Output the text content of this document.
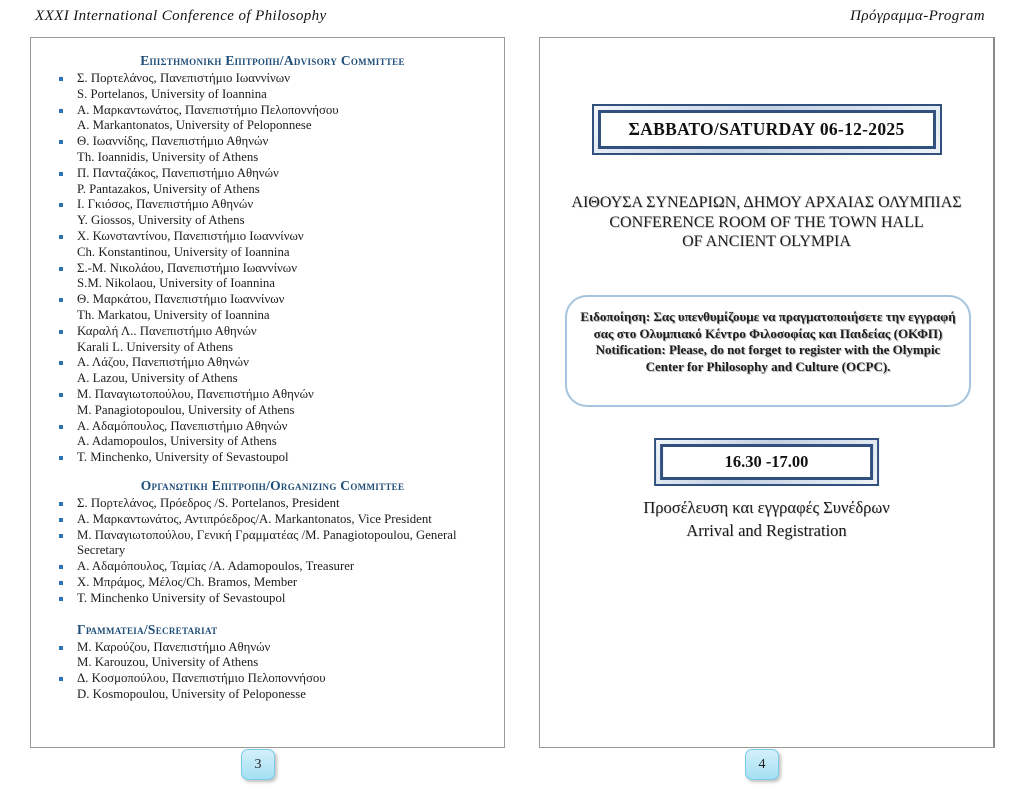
XXXI International Conference of Philosophy	Πρόγραμμα-Program
Επιστημονικη Επιτροπη/Advisory Committee
Σ. Πορτελάνος, Πανεπιστήμιο Ιωαννίνων
S. Portelanos, University of Ioannina
Α. Μαρκαντωνάτος, Πανεπιστήμιο Πελοποννήσου
A. Markantonatos, University of Peloponnese
Θ. Ιωαννίδης, Πανεπιστήμιο Αθηνών
Th. Ioannidis, University of Athens
Π. Πανταζάκος, Πανεπιστήμιο Αθηνών
P. Pantazakos, University of Athens
Ι. Γκιόσος, Πανεπιστήμιο Αθηνών
Y. Giossos, University of Athens
Χ. Κωνσταντίνου, Πανεπιστήμιο Ιωαννίνων
Ch. Konstantinou, University of Ioannina
Σ.-Μ. Νικολάου, Πανεπιστήμιο Ιωαννίνων
S.M. Nikolaou, University of Ioannina
Θ. Μαρκάτου, Πανεπιστήμιο Ιωαννίνων
Th. Markatou, University of Ioannina
Καραλή Λ.. Πανεπιστήμιο Αθηνών
Karali L. University of Athens
Α. Λάζου, Πανεπιστήμιο Αθηνών
A. Lazou, University of Athens
Μ. Παναγιωτοπούλου, Πανεπιστήμιο Αθηνών
M. Panagiotopoulou, University of Athens
Α. Αδαμόπουλος, Πανεπιστήμιο Αθηνών
A. Adamopoulos, University of Athens
T. Minchenko, University of Sevastoupol
Οργανωτικη Επιτροπη/Organizing Committee
Σ. Πορτελάνος, Πρόεδρος /S. Portelanos, President
Α. Μαρκαντωνάτος, Αντιπρόεδρος/A. Markantonatos, Vice President
Μ. Παναγιωτοπούλου, Γενική Γραμματέας /M. Panagiotopoulou, General Secretary
Α. Αδαμόπουλος, Ταμίας /A. Adamopoulos, Treasurer
Χ. Μπράμος, Μέλος/Ch. Bramos, Member
T. Minchenko University of Sevastoupol
Γραμματεια/Secretariat
Μ. Καρούζου, Πανεπιστήμιο Αθηνών
M. Karouzou, University of Athens
Δ. Κοσμοπούλου, Πανεπιστήμιο Πελοποννήσου
D. Kosmopoulou, University of Peloponesse
ΣΑΒΒΑΤΟ/SATURDAY 06-12-2025
ΑΙΘΟΥΣΑ ΣΥΝΕΔΡΙΩΝ, ΔΗΜΟΥ ΑΡΧΑΙΑΣ ΟΛΥΜΠΙΑΣ
CONFERENCE ROOM OF THE TOWN HALL
OF ANCIENT OLYMPIA
Ειδοποίηση: Σας υπενθυμίζουμε να πραγματοποιήσετε την εγγραφή σας στο Ολυμπιακό Κέντρο Φιλοσοφίας και Παιδείας (ΟΚΦΠ)
Notification: Please, do not forget to register with the Olympic Center for Philosophy and Culture (OCPC).
16.30 -17.00
Προσέλευση και εγγραφές Συνέδρων
Arrival and Registration
3	4
